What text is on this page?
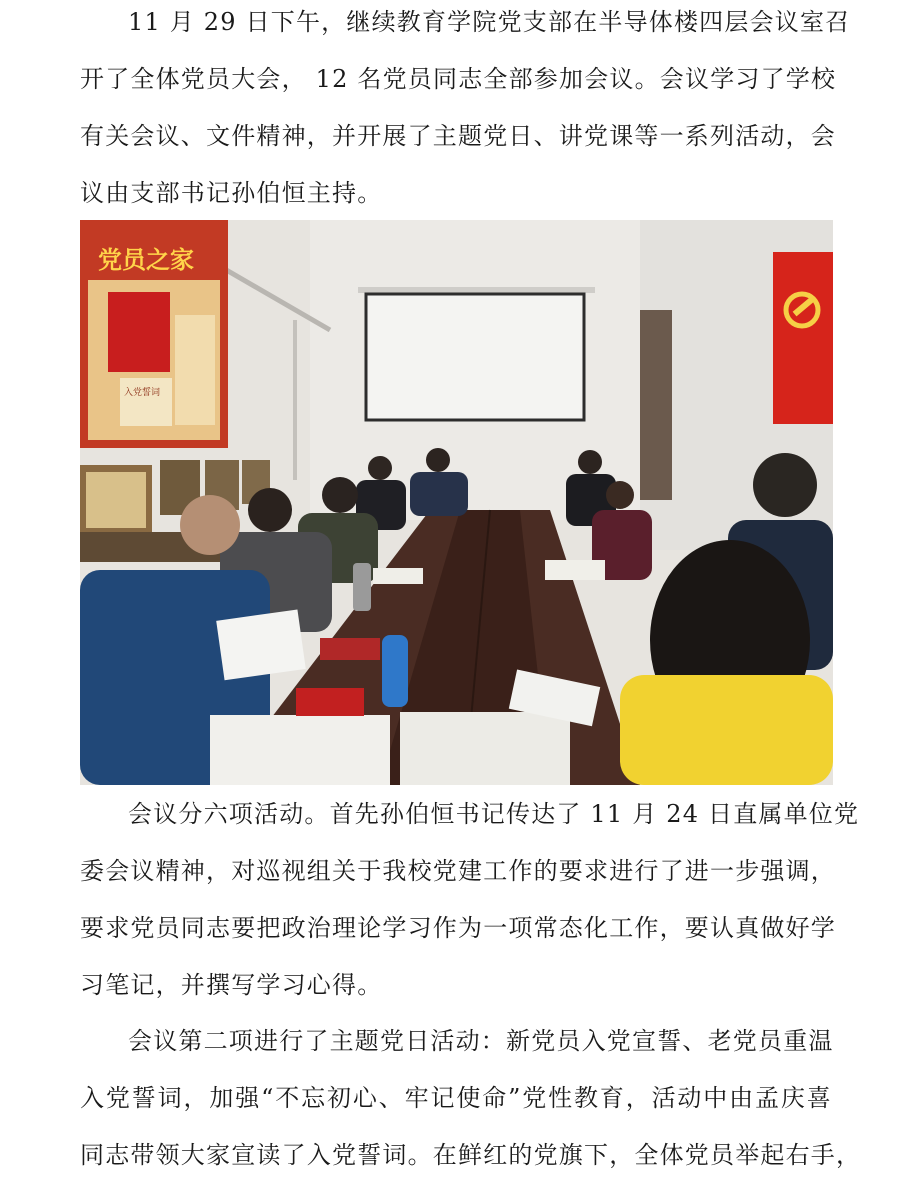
11 月 29 日下午，继续教育学院党支部在半导体楼四层会议室召
开了全体党员大会， 12 名党员同志全部参加会议。会议学习了学校
有关会议、文件精神，并开展了主题党日、讲党课等一系列活动，会
议由支部书记孙伯恒主持。
党员之家
入党誓词
会议分六项活动。首先孙伯恒书记传达了 11 月 24 日直属单位党
委会议精神，对巡视组关于我校党建工作的要求进行了进一步强调，
要求党员同志要把政治理论学习作为一项常态化工作，要认真做好学
习笔记，并撰写学习心得。
会议第二项进行了主题党日活动：新党员入党宣誓、老党员重温
入党誓词，加强“不忘初心、牢记使命”党性教育，活动中由孟庆喜
同志带领大家宣读了入党誓词。在鲜红的党旗下，全体党员举起右手，
